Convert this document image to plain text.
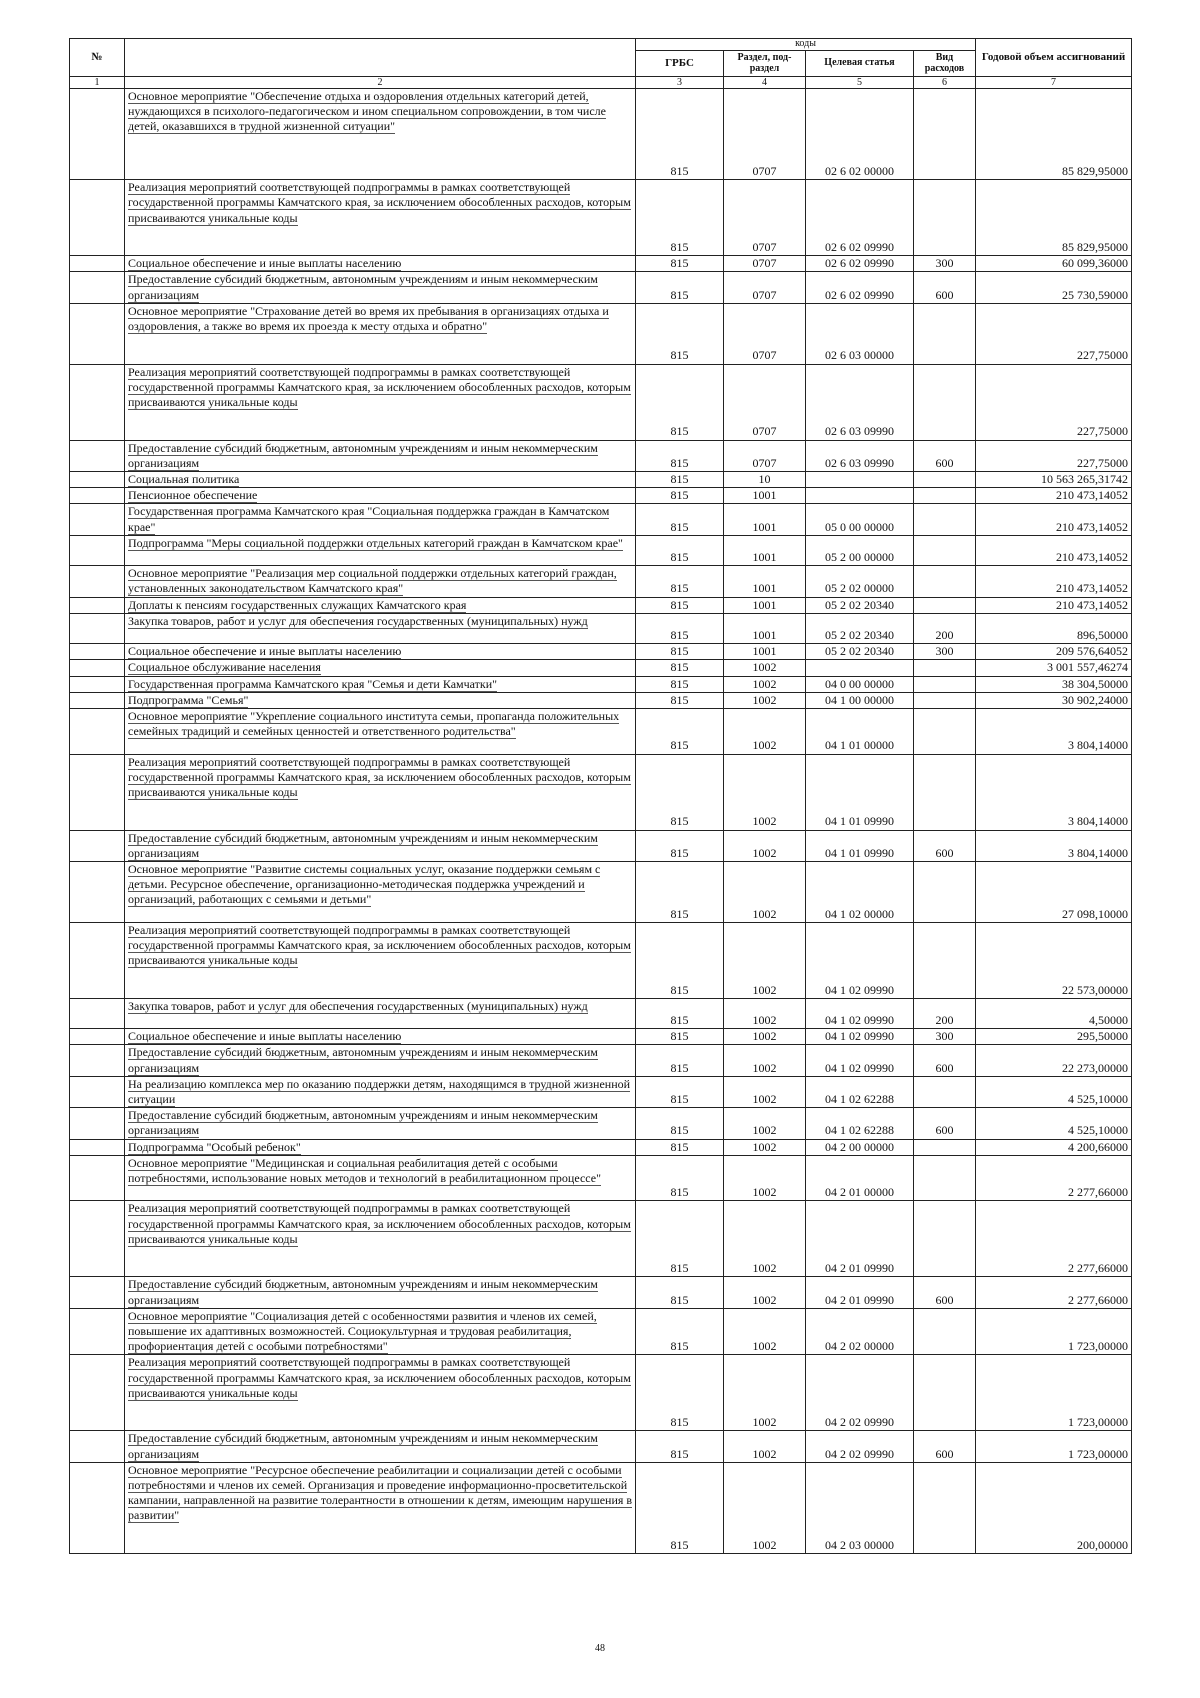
№		коды				Годовой объем ассигнований
		ГРБС	Раздел, под-раздел	Целевая статья	Вид расходов	
1	2	3	4	5	6	7
	Основное мероприятие "Обеспечение отдыха и оздоровления отдельных категорий детей, нуждающихся в психолого-педагогическом и ином специальном сопровождении, в том числе детей, оказавшихся в трудной жизненной ситуации"	815	0707	02 6 02 00000		85 829,95000
	Реализация мероприятий соответствующей подпрограммы в рамках соответствующей государственной программы Камчатского края, за исключением обособленных расходов, которым присваиваются уникальные коды	815	0707	02 6 02 09990		85 829,95000
	Социальное обеспечение и иные выплаты населению	815	0707	02 6 02 09990	300	60 099,36000
	Предоставление субсидий бюджетным, автономным учреждениям и иным некоммерческим организациям	815	0707	02 6 02 09990	600	25 730,59000
	Основное мероприятие "Страхование детей во время их пребывания в организациях отдыха и оздоровления, а также во время их проезда к месту отдыха и обратно"	815	0707	02 6 03 00000		227,75000
	Реализация мероприятий соответствующей подпрограммы в рамках соответствующей государственной программы Камчатского края, за исключением обособленных расходов, которым присваиваются уникальные коды	815	0707	02 6 03 09990		227,75000
	Предоставление субсидий бюджетным, автономным учреждениям и иным некоммерческим организациям	815	0707	02 6 03 09990	600	227,75000
	Социальная политика	815	10			10 563 265,31742
	Пенсионное обеспечение	815	1001			210 473,14052
	Государственная программа Камчатского края "Социальная поддержка граждан в Камчатском крае"	815	1001	05 0 00 00000		210 473,14052
	Подпрограмма "Меры социальной поддержки отдельных категорий граждан в Камчатском крае"	815	1001	05 2 00 00000		210 473,14052
	Основное мероприятие "Реализация мер социальной поддержки отдельных категорий граждан, установленных законодательством Камчатского края"	815	1001	05 2 02 00000		210 473,14052
	Доплаты к пенсиям государственных служащих Камчатского края	815	1001	05 2 02 20340		210 473,14052
	Закупка товаров, работ и услуг для обеспечения государственных (муниципальных) нужд	815	1001	05 2 02 20340	200	896,50000
	Социальное обеспечение и иные выплаты населению	815	1001	05 2 02 20340	300	209 576,64052
	Социальное обслуживание населения	815	1002			3 001 557,46274
	Государственная программа Камчатского края "Семья и дети Камчатки"	815	1002	04 0 00 00000		38 304,50000
	Подпрограмма "Семья"	815	1002	04 1 00 00000		30 902,24000
	Основное мероприятие "Укрепление социального института семьи, пропаганда положительных семейных традиций и семейных ценностей и ответственного родительства"	815	1002	04 1 01 00000		3 804,14000
	Реализация мероприятий соответствующей подпрограммы в рамках соответствующей государственной программы Камчатского края, за исключением обособленных расходов, которым присваиваются уникальные коды	815	1002	04 1 01 09990		3 804,14000
	Предоставление субсидий бюджетным, автономным учреждениям и иным некоммерческим организациям	815	1002	04 1 01 09990	600	3 804,14000
	Основное мероприятие "Развитие системы социальных услуг, оказание поддержки семьям с детьми. Ресурсное обеспечение, организационно-методическая поддержка учреждений и организаций, работающих с семьями и детьми"	815	1002	04 1 02 00000		27 098,10000
	Реализация мероприятий соответствующей подпрограммы в рамках соответствующей государственной программы Камчатского края, за исключением обособленных расходов, которым присваиваются уникальные коды	815	1002	04 1 02 09990		22 573,00000
	Закупка товаров, работ и услуг для обеспечения государственных (муниципальных) нужд	815	1002	04 1 02 09990	200	4,50000
	Социальное обеспечение и иные выплаты населению	815	1002	04 1 02 09990	300	295,50000
	Предоставление субсидий бюджетным, автономным учреждениям и иным некоммерческим организациям	815	1002	04 1 02 09990	600	22 273,00000
	На реализацию комплекса мер по оказанию поддержки детям, находящимся в трудной жизненной ситуации	815	1002	04 1 02 62288		4 525,10000
	Предоставление субсидий бюджетным, автономным учреждениям и иным некоммерческим организациям	815	1002	04 1 02 62288	600	4 525,10000
	Подпрограмма "Особый ребенок"	815	1002	04 2 00 00000		4 200,66000
	Основное мероприятие "Медицинская и социальная реабилитация детей с особыми потребностями, использование новых методов и технологий в реабилитационном процессе"	815	1002	04 2 01 00000		2 277,66000
	Реализация мероприятий соответствующей подпрограммы в рамках соответствующей государственной программы Камчатского края, за исключением обособленных расходов, которым присваиваются уникальные коды	815	1002	04 2 01 09990		2 277,66000
	Предоставление субсидий бюджетным, автономным учреждениям и иным некоммерческим организациям	815	1002	04 2 01 09990	600	2 277,66000
	Основное мероприятие "Социализация детей с особенностями развития и членов их семей, повышение их адаптивных возможностей. Социокультурная и трудовая реабилитация, профориентация детей с особыми потребностями"	815	1002	04 2 02 00000		1 723,00000
	Реализация мероприятий соответствующей подпрограммы в рамках соответствующей государственной программы Камчатского края, за исключением обособленных расходов, которым присваиваются уникальные коды	815	1002	04 2 02 09990		1 723,00000
	Предоставление субсидий бюджетным, автономным учреждениям и иным некоммерческим организациям	815	1002	04 2 02 09990	600	1 723,00000
	Основное мероприятие "Ресурсное обеспечение реабилитации и социализации детей с особыми потребностями и членов их семей. Организация и проведение информационно-просветительской кампании, направленной на развитие толерантности в отношении к детям, имеющим нарушения в развитии"	815	1002	04 2 03 00000		200,00000
48
